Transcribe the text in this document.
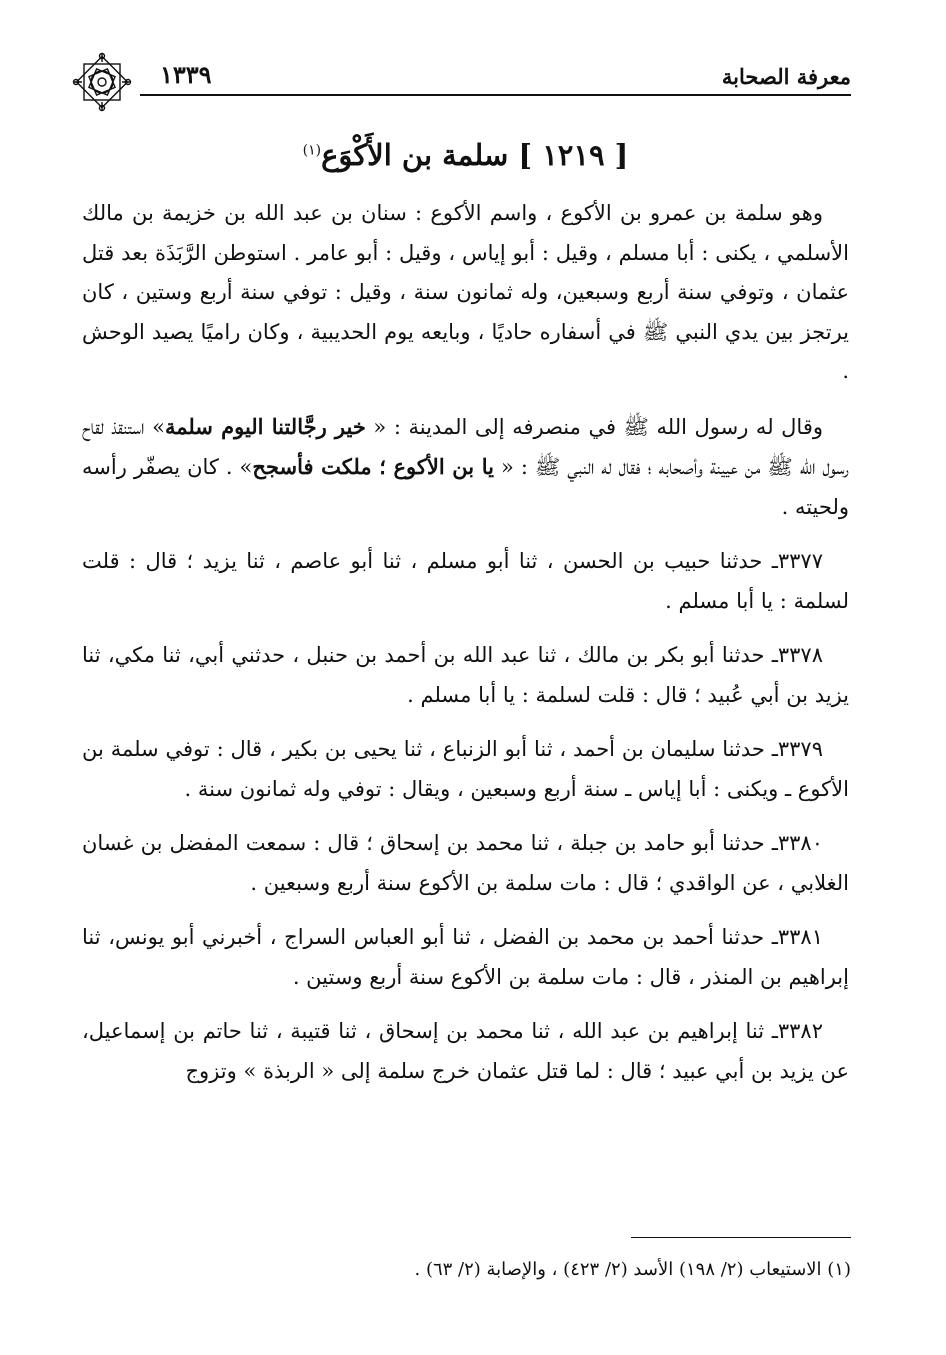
معرفة الصحابة
١٣٣٩
[ ١٢١٩ ] سلمة بن الأَكْوَع$^{(١)}$

وهو سلمة بن عمرو بن الأكوع ، واسم الأكوع : سنان بن عبد الله بن خزيمة بن مالك الأسلمي ، يكنى : أبا مسلم ، وقيل : أبو إياس ، وقيل : أبو عامر . استوطن الرَّبَذَة بعد قتل عثمان ، وتوفي سنة أربع وسبعين، وله ثمانون سنة ، وقيل : توفي سنة أربع وستين ، كان يرتجز بين يدي النبي ﷺ في أسفاره حاديًا ، وبايعه يوم الحديبية ، وكان راميًا يصيد الوحش .

وقال له رسول الله ﷺ في منصرفه إلى المدينة : « خير رجَّالتنا اليوم سلمة» استنقذ لقاح رسول الله ﷺ من عيينة وأصحابه ؛ فقال له النبي ﷺ : « يا بن الأكوع ؛ ملكت فأسجح» . كان يصفّر رأسه ولحيته .

٣٣٧٧ـ حدثنا حبيب بن الحسن ، ثنا أبو مسلم ، ثنا أبو عاصم ، ثنا يزيد ؛ قال : قلت لسلمة : يا أبا مسلم .

٣٣٧٨ـ حدثنا أبو بكر بن مالك ، ثنا عبد الله بن أحمد بن حنبل ، حدثني أبي، ثنا مكي، ثنا يزيد بن أبي عُبيد ؛ قال : قلت لسلمة : يا أبا مسلم .

٣٣٧٩ـ حدثنا سليمان بن أحمد ، ثنا أبو الزنباع ، ثنا يحيى بن بكير ، قال : توفي سلمة بن الأكوع ـ ويكنى : أبا إياس ـ سنة أربع وسبعين ، ويقال : توفي وله ثمانون سنة .

٣٣٨٠ـ حدثنا أبو حامد بن جبلة ، ثنا محمد بن إسحاق ؛ قال : سمعت المفضل بن غسان الغلابي ، عن الواقدي ؛ قال : مات سلمة بن الأكوع سنة أربع وسبعين .

٣٣٨١ـ حدثنا أحمد بن محمد بن الفضل ، ثنا أبو العباس السراج ، أخبرني أبو يونس، ثنا إبراهيم بن المنذر ، قال : مات سلمة بن الأكوع سنة أربع وستين .

٣٣٨٢ـ ثنا إبراهيم بن عبد الله ، ثنا محمد بن إسحاق ، ثنا قتيبة ، ثنا حاتم بن إسماعيل، عن يزيد بن أبي عبيد ؛ قال : لما قتل عثمان خرج سلمة إلى « الربذة » وتزوج

(١) الاستيعاب (٢/ ١٩٨) الأسد (٢/ ٤٢٣) ، والإصابة (٢/ ٦٣) .
